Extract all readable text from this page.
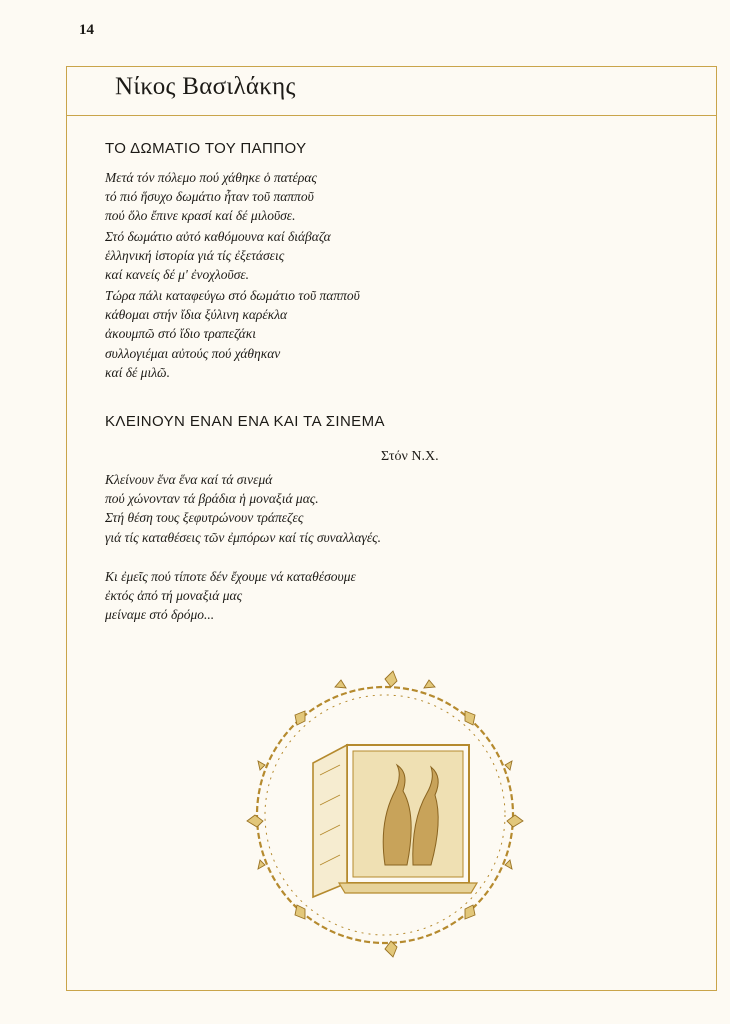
14
Νίκος Βασιλάκης
ΤΟ ΔΩΜΑΤΙΟ ΤΟΥ ΠΑΠΠΟΥ
Μετά τόν πόλεμο πού χάθηκε ὁ πατέρας
τό πιό ἥσυχο δωμάτιο ἦταν τοῦ παπποῦ
πού ὅλο ἔπινε κρασί καί δέ μιλοῦσε.
Στό δωμάτιο αὐτό καθόμουνα καί διάβαζα
ἑλληνική ἱστορία γιά τίς ἐξετάσεις
καί κανείς δέ μ' ἐνοχλοῦσε.
Τώρα πάλι καταφεύγω στό δωμάτιο τοῦ παπποῦ
κάθομαι στήν ἴδια ξύλινη καρέκλα
ἀκουμπῶ στό ἴδιο τραπεζάκι
συλλογιέμαι αὐτούς πού χάθηκαν
καί δέ μιλῶ.
ΚΛΕΙΝΟΥΝ ΕΝΑΝ ΕΝΑ ΚΑΙ ΤΑ ΣΙΝΕΜΑ
Στόν Ν.Χ.
Κλείνουν ἕνα ἕνα καί τά σινεμά
πού χώνονταν τά βράδια ἡ μοναξιά μας.
Στή θέση τους ξεφυτρώνουν τράπεζες
γιά τίς καταθέσεις τῶν ἐμπόρων καί τίς συναλλαγές.
Κι ἐμεῖς πού τίποτε δέν ἔχουμε νά καταθέσουμε
ἐκτός ἀπό τή μοναξιά μας
μείναμε στό δρόμο...
